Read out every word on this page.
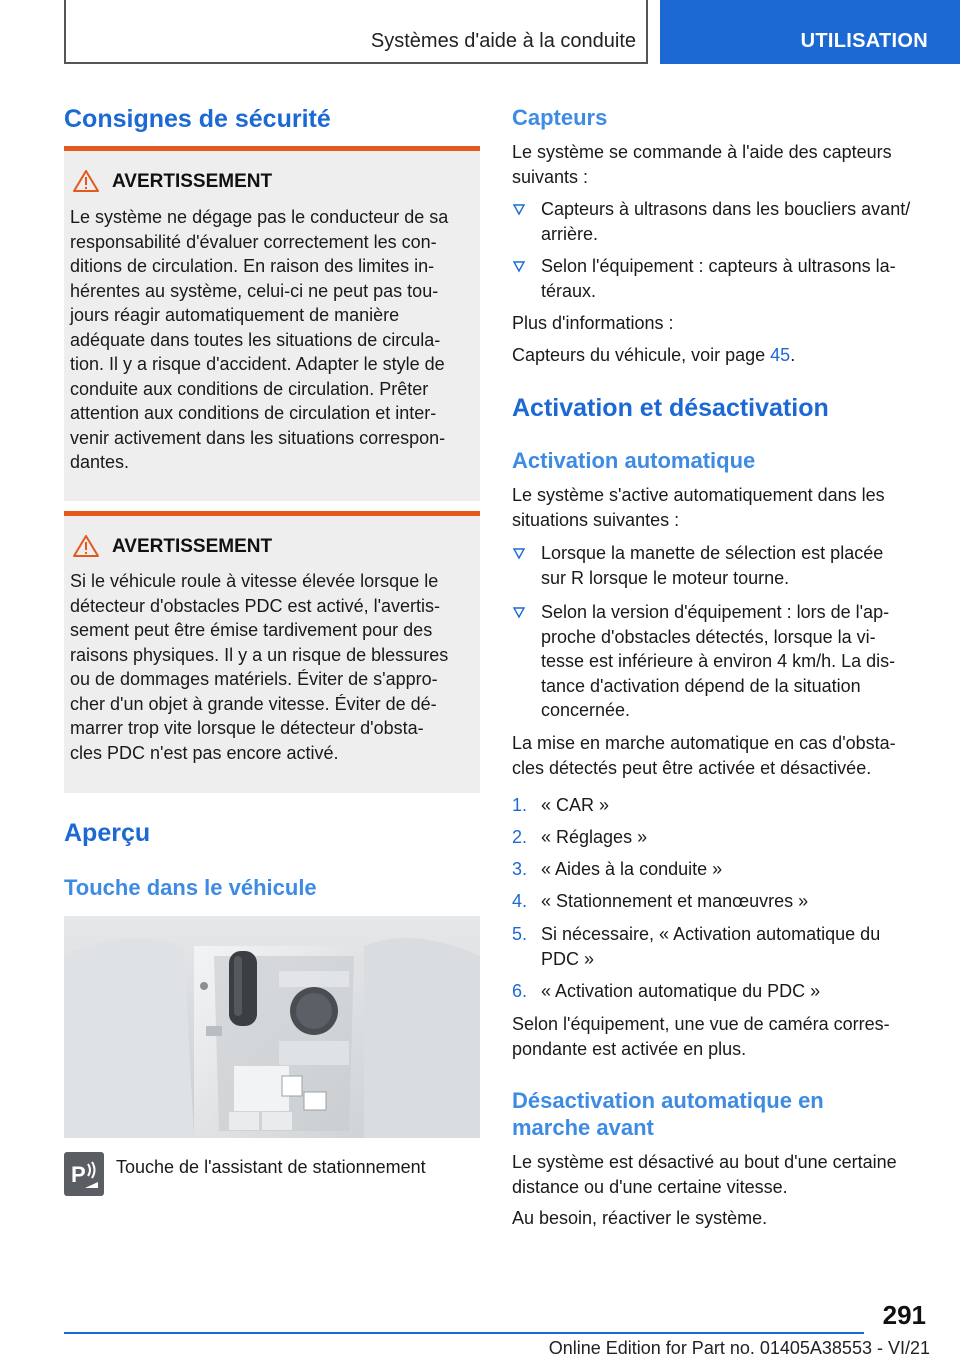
Systèmes d'aide à la conduite	UTILISATION
Consignes de sécurité
AVERTISSEMENT
Le système ne dégage pas le conducteur de sa
responsabilité d'évaluer correctement les con‐
ditions de circulation. En raison des limites in‐
hérentes au système, celui-ci ne peut pas tou‐
jours réagir automatiquement de manière
adéquate dans toutes les situations de circula‐
tion. Il y a risque d'accident. Adapter le style de
conduite aux conditions de circulation. Prêter
attention aux conditions de circulation et inter‐
venir activement dans les situations correspon‐
dantes.
AVERTISSEMENT
Si le véhicule roule à vitesse élevée lorsque le
détecteur d'obstacles PDC est activé, l'avertis‐
sement peut être émise tardivement pour des
raisons physiques. Il y a un risque de blessures
ou de dommages matériels. Éviter de s'appro‐
cher d'un objet à grande vitesse. Éviter de dé‐
marrer trop vite lorsque le détecteur d'obsta‐
cles PDC n'est pas encore activé.
Aperçu
Touche dans le véhicule
P Touche de l'assistant de stationnement
Capteurs
Le système se commande à l'aide des capteurs
suivants :
Capteurs à ultrasons dans les boucliers avant/
arrière.
Selon l'équipement : capteurs à ultrasons la‐
téraux.
Plus d'informations :
Capteurs du véhicule, voir page 45.
Activation et désactivation
Activation automatique
Le système s'active automatiquement dans les
situations suivantes :
Lorsque la manette de sélection est placée
sur R lorsque le moteur tourne.
Selon la version d'équipement : lors de l'ap‐
proche d'obstacles détectés, lorsque la vi‐
tesse est inférieure à environ 4 km/h. La dis‐
tance d'activation dépend de la situation
concernée.
La mise en marche automatique en cas d'obsta‐
cles détectés peut être activée et désactivée.
1. « CAR »
2. « Réglages »
3. « Aides à la conduite »
4. « Stationnement et manœuvres »
5. Si nécessaire, « Activation automatique du
PDC »
6. « Activation automatique du PDC »
Selon l'équipement, une vue de caméra corres‐
pondante est activée en plus.
Désactivation automatique en
marche avant
Le système est désactivé au bout d'une certaine
distance ou d'une certaine vitesse.
Au besoin, réactiver le système.
291
Online Edition for Part no. 01405A38553 - VI/21
